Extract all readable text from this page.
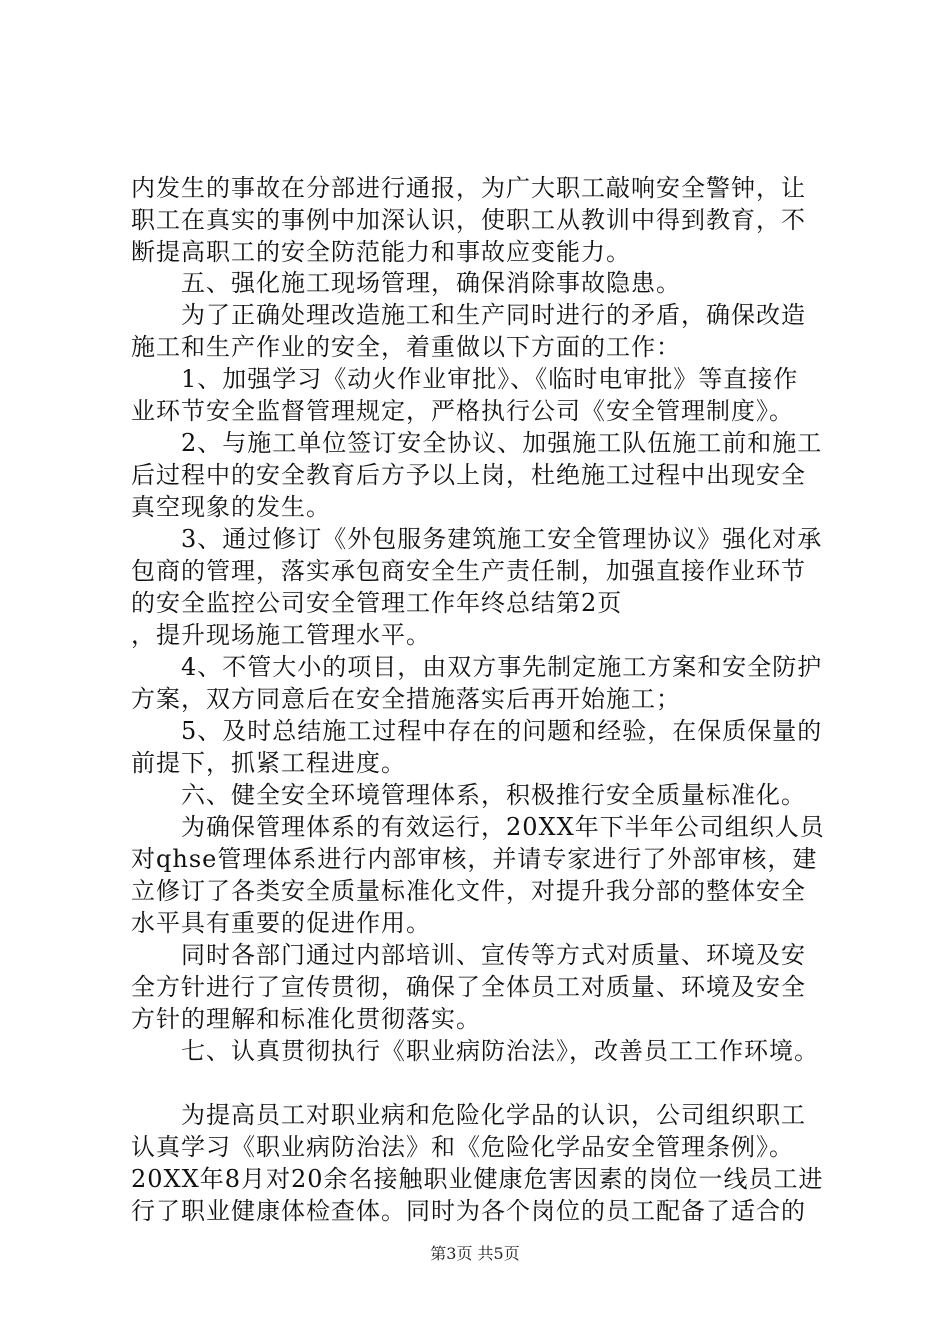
内发生的事故在分部进行通报，为广大职工敲响安全警钟，让
职工在真实的事例中加深认识，使职工从教训中得到教育，不
断提高职工的安全防范能力和事故应变能力。
　　五、强化施工现场管理，确保消除事故隐患。
　　为了正确处理改造施工和生产同时进行的矛盾，确保改造
施工和生产作业的安全，着重做以下方面的工作：
　　1、加强学习《动火作业审批》、《临时电审批》等直接作
业环节安全监督管理规定，严格执行公司《安全管理制度》。
　　2、与施工单位签订安全协议、加强施工队伍施工前和施工
后过程中的安全教育后方予以上岗，杜绝施工过程中出现安全
真空现象的发生。
　　3、通过修订《外包服务建筑施工安全管理协议》强化对承
包商的管理，落实承包商安全生产责任制，加强直接作业环节
的安全监控公司安全管理工作年终总结第2页
，提升现场施工管理水平。
　　4、不管大小的项目，由双方事先制定施工方案和安全防护
方案，双方同意后在安全措施落实后再开始施工；
　　5、及时总结施工过程中存在的问题和经验，在保质保量的
前提下，抓紧工程进度。
　　六、健全安全环境管理体系，积极推行安全质量标准化。
　　为确保管理体系的有效运行，20XX年下半年公司组织人员
对qhse管理体系进行内部审核，并请专家进行了外部审核，建
立修订了各类安全质量标准化文件，对提升我分部的整体安全
水平具有重要的促进作用。
　　同时各部门通过内部培训、宣传等方式对质量、环境及安
全方针进行了宣传贯彻，确保了全体员工对质量、环境及安全
方针的理解和标准化贯彻落实。
　　七、认真贯彻执行《职业病防治法》，改善员工工作环境。
　　为提高员工对职业病和危险化学品的认识，公司组织职工
认真学习《职业病防治法》和《危险化学品安全管理条例》。
20XX年8月对20余名接触职业健康危害因素的岗位一线员工进
行了职业健康体检查体。同时为各个岗位的员工配备了适合的
第3页 共5页
